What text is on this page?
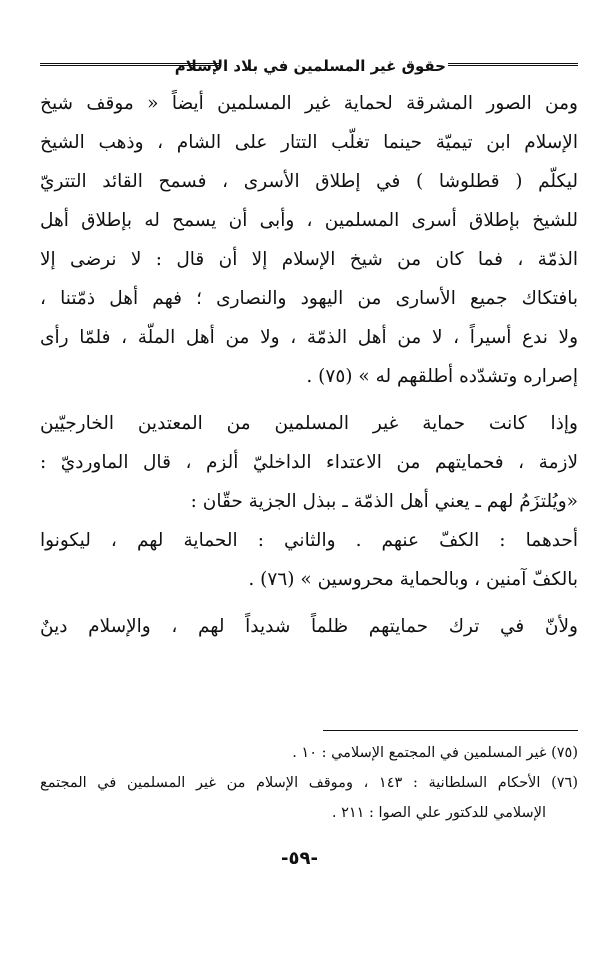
حقوق غير المسلمين في بلاد الإسلام
ومن الصور المشرقة لحماية غير المسلمين أيضاً « موقف شيخ
الإسلام ابن تيميّة حينما تغلّب التتار على الشام ، وذهب الشيخ
ليكلّم ( قطلوشا ) في إطلاق الأسرى ، فسمح القائد التتريّ
للشيخ بإطلاق أسرى المسلمين ، وأبى أن يسمح له بإطلاق أهل
الذمّة ، فما كان من شيخ الإسلام إلا أن قال : لا نرضى إلا
بافتكاك جميع الأسارى من اليهود والنصارى ؛ فهم أهل ذمّتنا ،
ولا ندع أسيراً ، لا من أهل الذمّة ، ولا من أهل الملّة ، فلمّا رأى
إصراره وتشدّده أطلقهم له » (٧٥) .
وإذا كانت حماية غير المسلمين من المعتدين الخارجيّين
لازمة ، فحمايتهم من الاعتداء الداخليّ ألزم ، قال الماورديّ :
«ويُلتزَمُ لهم ـ يعني أهل الذمّة ـ ببذل الجزية حقّان :
أحدهما : الكفّ عنهم . والثاني : الحماية لهم ، ليكونوا
بالكفّ آمنين ، وبالحماية محروسين » (٧٦) .
ولأنّ في ترك حمايتهم ظلماً شديداً لهم ، والإسلام دينٌ
(٧٥) غير المسلمين في المجتمع الإسلامي : ١٠ .
(٧٦) الأحكام السلطانية : ١٤٣ ، وموقف الإسلام من غير المسلمين في المجتمع
الإسلامي للدكتور علي الصوا : ٢١١ .
-٥٩-
